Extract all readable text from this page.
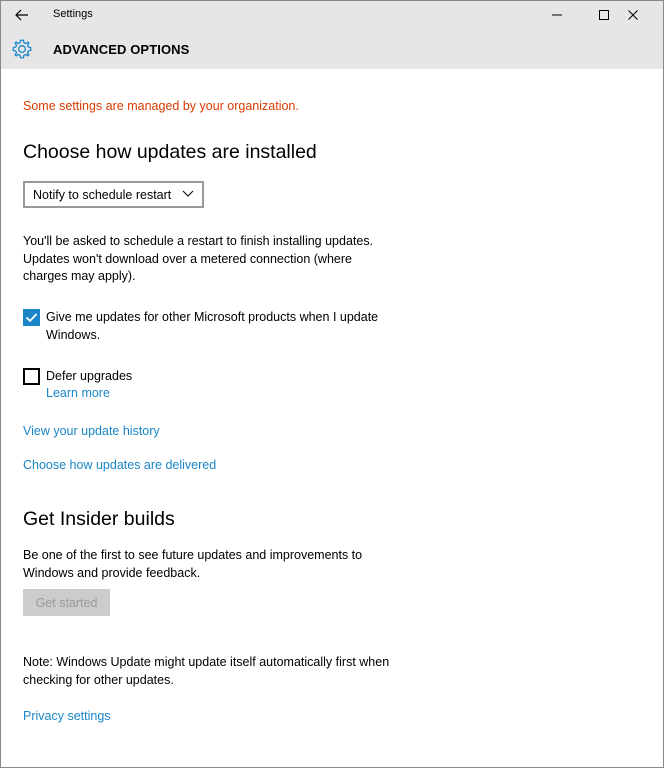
Settings
ADVANCED OPTIONS
Some settings are managed by your organization.
Choose how updates are installed
Notify to schedule restart
You'll be asked to schedule a restart to finish installing updates.
Updates won't download over a metered connection (where
charges may apply).
Give me updates for other Microsoft products when I update
Windows.
Defer upgrades
Learn more
View your update history
Choose how updates are delivered
Get Insider builds
Be one of the first to see future updates and improvements to
Windows and provide feedback.
Get started
Note: Windows Update might update itself automatically first when
checking for other updates.
Privacy settings
